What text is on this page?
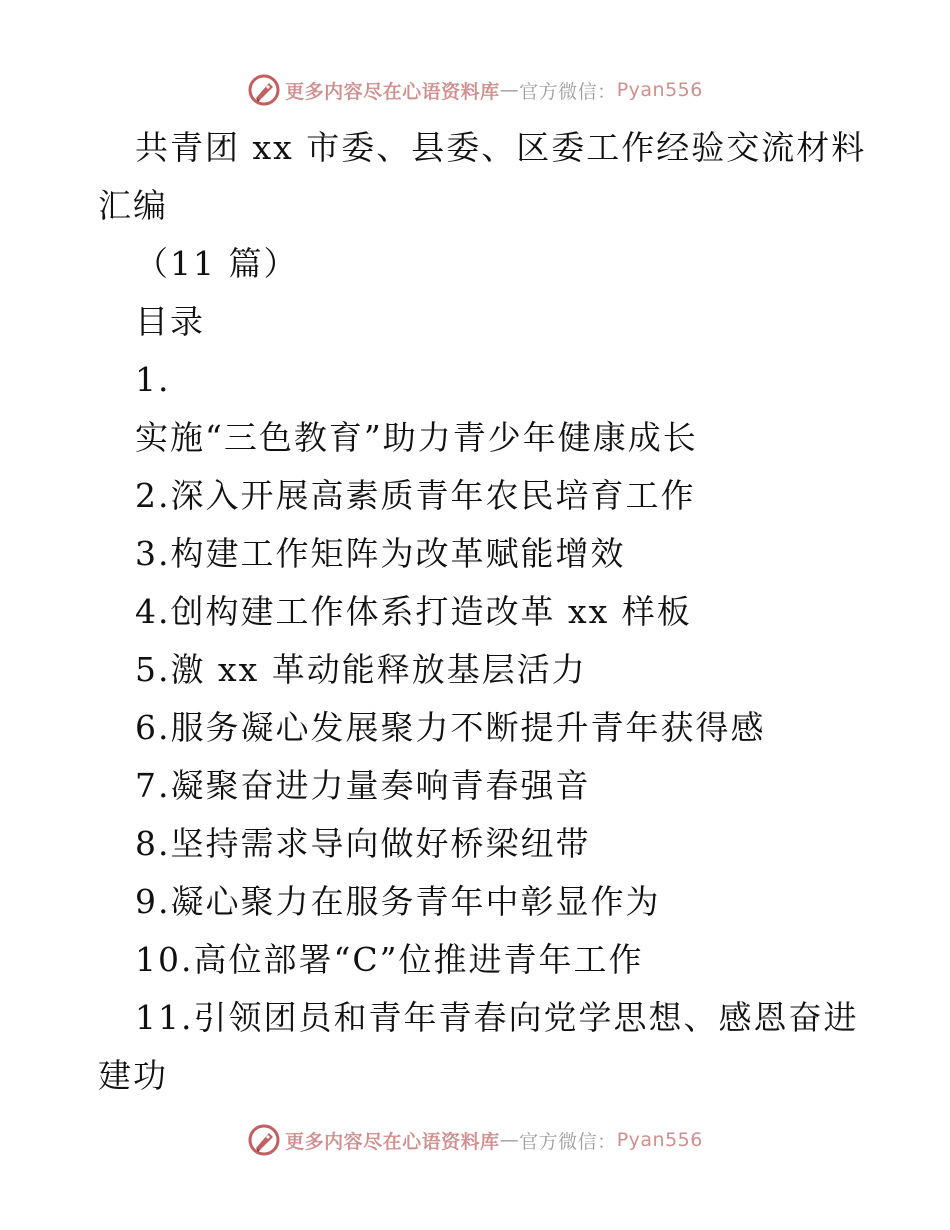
更多内容尽在心语资料库 — 官方微信： Pyan556
共青团 xx 市委、县委、区委工作经验交流材料
汇编
（11 篇）
目录
1.
实施“三色教育”助力青少年健康成长
2.深入开展高素质青年农民培育工作
3.构建工作矩阵为改革赋能增效
4.创构建工作体系打造改革 xx 样板
5.激 xx 革动能释放基层活力
6.服务凝心发展聚力不断提升青年获得感
7.凝聚奋进力量奏响青春强音
8.坚持需求导向做好桥梁纽带
9.凝心聚力在服务青年中彰显作为
10.高位部署“C”位推进青年工作
11.引领团员和青年青春向党学思想、感恩奋进
建功
更多内容尽在心语资料库 — 官方微信： Pyan556
